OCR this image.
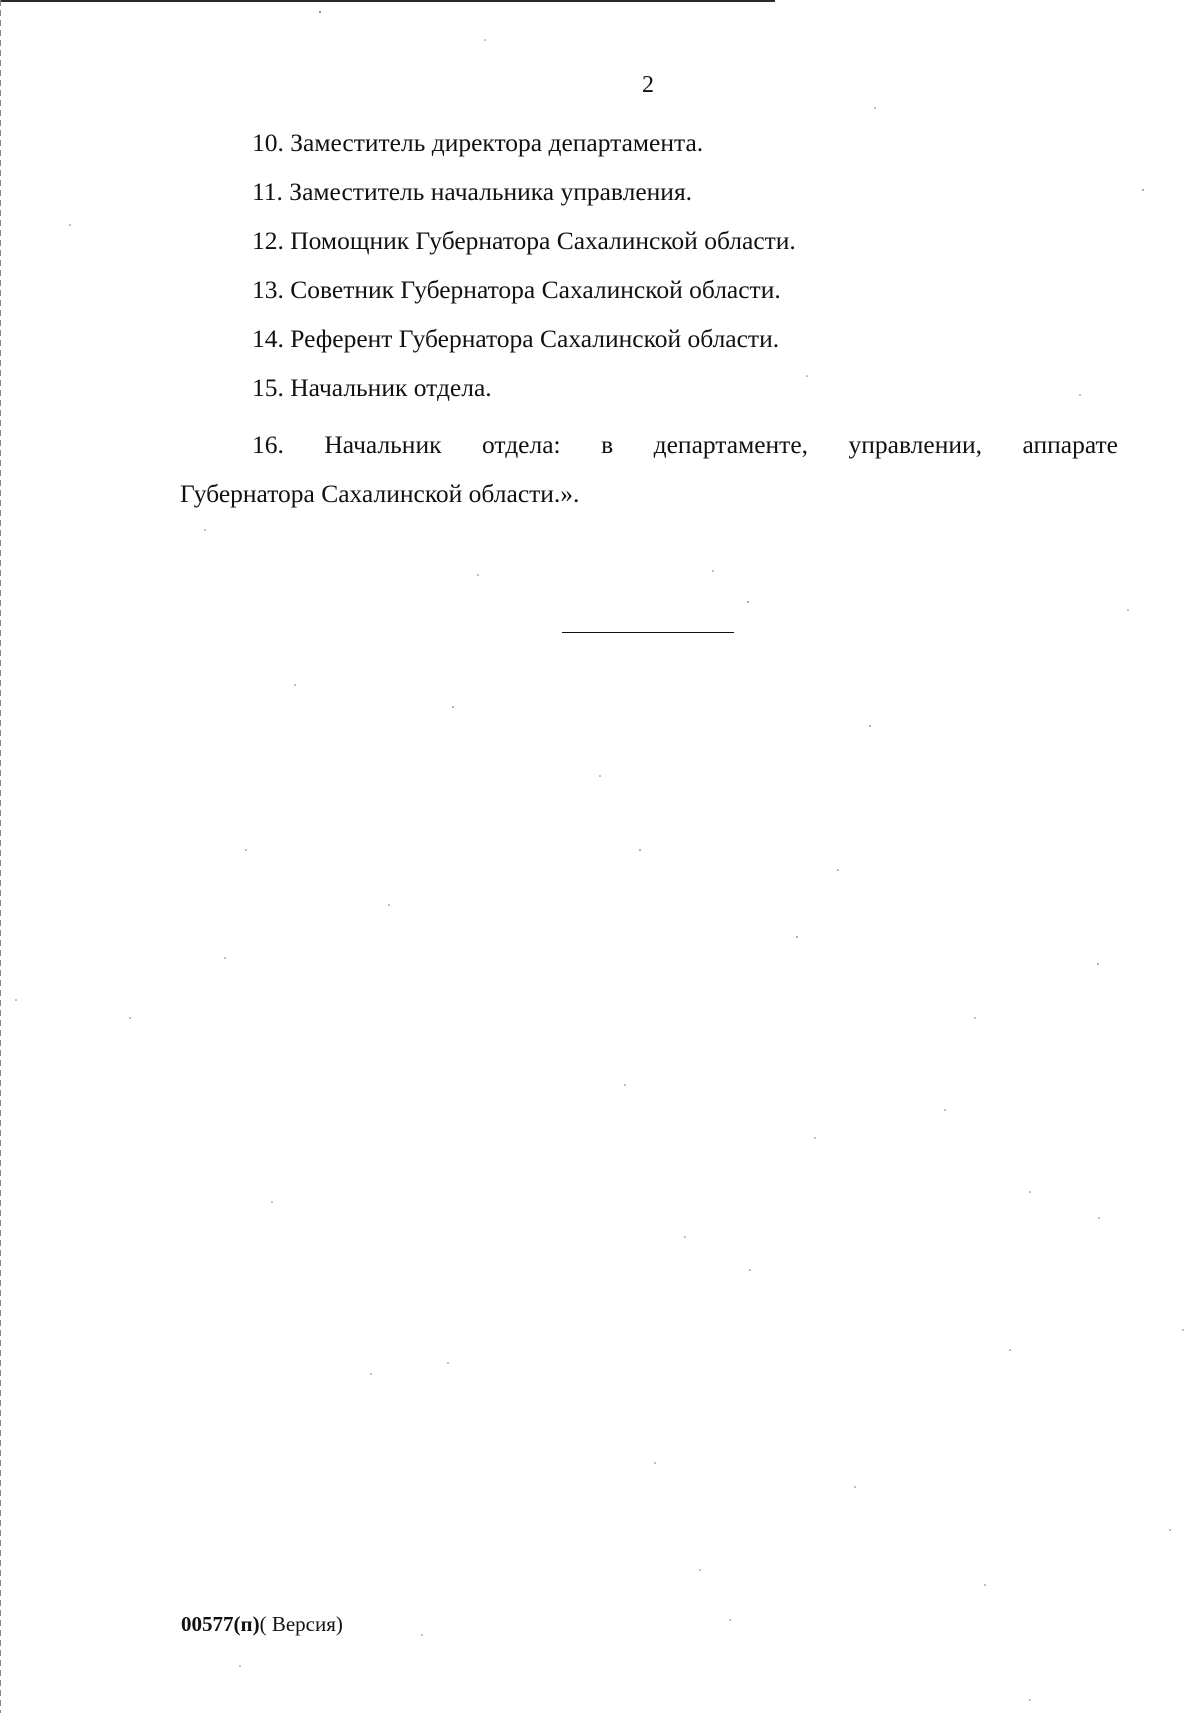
2
10. Заместитель директора департамента.
11. Заместитель начальника управления.
12. Помощник Губернатора Сахалинской области.
13. Советник Губернатора Сахалинской области.
14. Референт Губернатора Сахалинской области.
15. Начальник отдела.
16. Начальник отдела: в департаменте, управлении, аппарате
Губернатора Сахалинской области.».
00577(п)( Версия)
